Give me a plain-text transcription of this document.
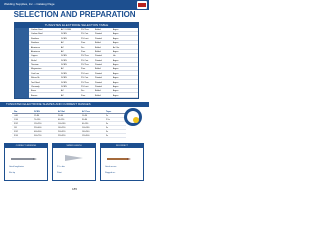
Welding Supplies, Inc. • Catalog Page
SELECTION AND PREPARATION
TUNGSTEN ELECTRODE SELECTION TABLE
Carbon Steel	AC / DCEN	2% Thor.	Balled	Argon
Carbon Steel	DCEN	2% Ceri.	Pointed	Argon
Stainless	DCEN	2% Lant.	Pointed	Argon
Stainless	AC	Pure	Balled	Argon
Aluminum	AC	Zirc.	Balled	Ar / He
Aluminum	AC	Pure	Balled	Argon
Copper	DCEN	2% Thor.	Pointed	He
Nickel	DCEN	2% Ceri.	Pointed	Argon
Titanium	DCEN	2% Thor.	Pointed	Argon
Magnesium	AC	Pure	Balled	Argon
Cast Iron	DCEN	2% Lant.	Pointed	Argon
Silicon Br.	DCEN	2% Ceri.	Pointed	Argon
Tool Steel	DCEN	2% Thor.	Pointed	Argon
Chromoly	DCEN	2% Lant.	Pointed	Argon
Brass	AC	Zirc.	Balled	Argon
Bronze	AC	Pure	Balled	Argon
TUNGSTEN ELECTRODE SHAPES AND CURRENT RANGES
Dia.	DCEN	AC Bal.	AC Pure	Taper
.040	15-80	20-60	10-30	2x
1/16	70-150	60-120	30-80	2.5x
3/32	150-250	100-180	60-130	3x
1/8	250-400	160-250	100-180	3x
5/32	400-500	200-320	160-240	3x
3/16	500-750	290-390	190-300	3x
CORRECT GRINDING
Grind lengthwise
Flat tip
TAPER LENGTH
2.5 x dia.
Point
INCORRECT
Grind across
Ragged arc
185
